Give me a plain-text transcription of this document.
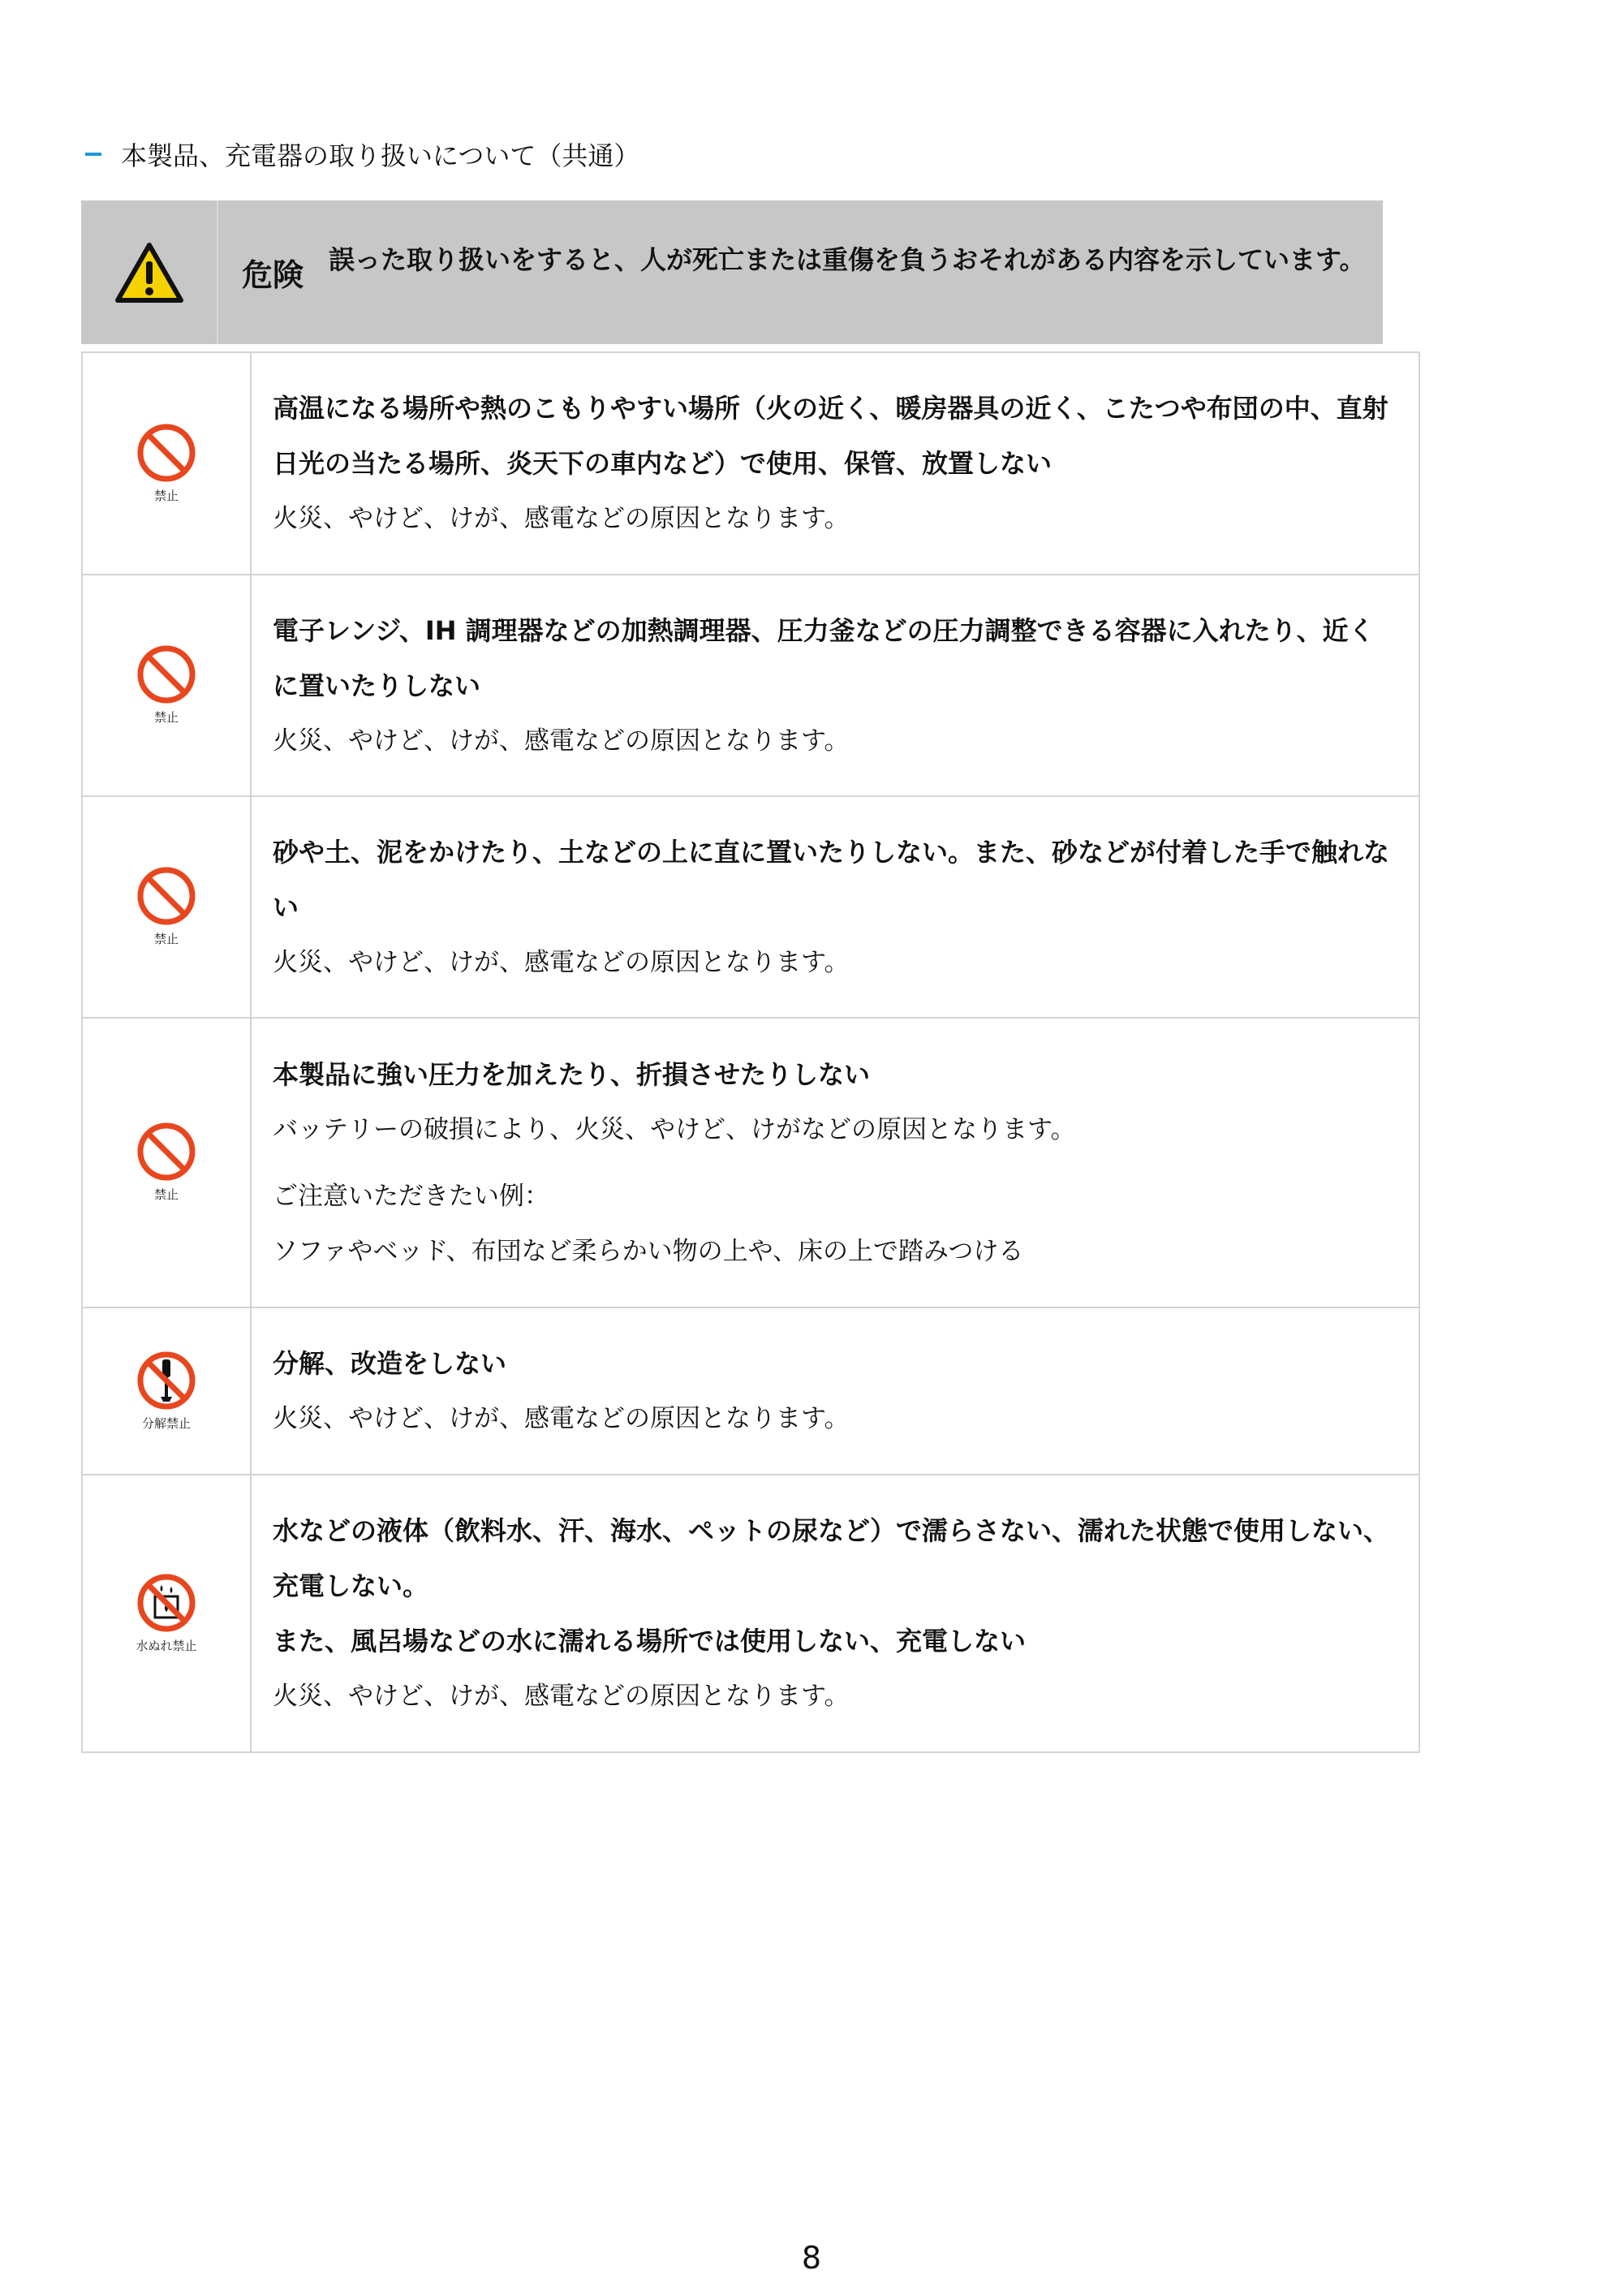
本製品、充電器の取り扱いについて（共通）
危険 誤った取り扱いをすると、人が死亡または重傷を負うおそれがある内容を示しています。
禁止	高温になる場所や熱のこもりやすい場所（火の近く、暖房器具の近く、こたつや布団の中、直射日光の当たる場所、炎天下の車内など）で使用、保管、放置しない
火災、やけど、けが、感電などの原因となります。

禁止	電子レンジ、IH 調理器などの加熱調理器、圧力釜などの圧力調整できる容器に入れたり、近くに置いたりしない
火災、やけど、けが、感電などの原因となります。

禁止	砂や土、泥をかけたり、土などの上に直に置いたりしない。また、砂などが付着した手で触れない
火災、やけど、けが、感電などの原因となります。

禁止	本製品に強い圧力を加えたり、折損させたりしない
バッテリーの破損により、火災、やけど、けがなどの原因となります。
ご注意いただきたい例：
ソファやベッド、布団など柔らかい物の上や、床の上で踏みつける

分解禁止	分解、改造をしない
火災、やけど、けが、感電などの原因となります。

水ぬれ禁止	水などの液体（飲料水、汗、海水、ペットの尿など）で濡らさない、濡れた状態で使用しない、充電しない。
また、風呂場などの水に濡れる場所では使用しない、充電しない
火災、やけど、けが、感電などの原因となります。
8
